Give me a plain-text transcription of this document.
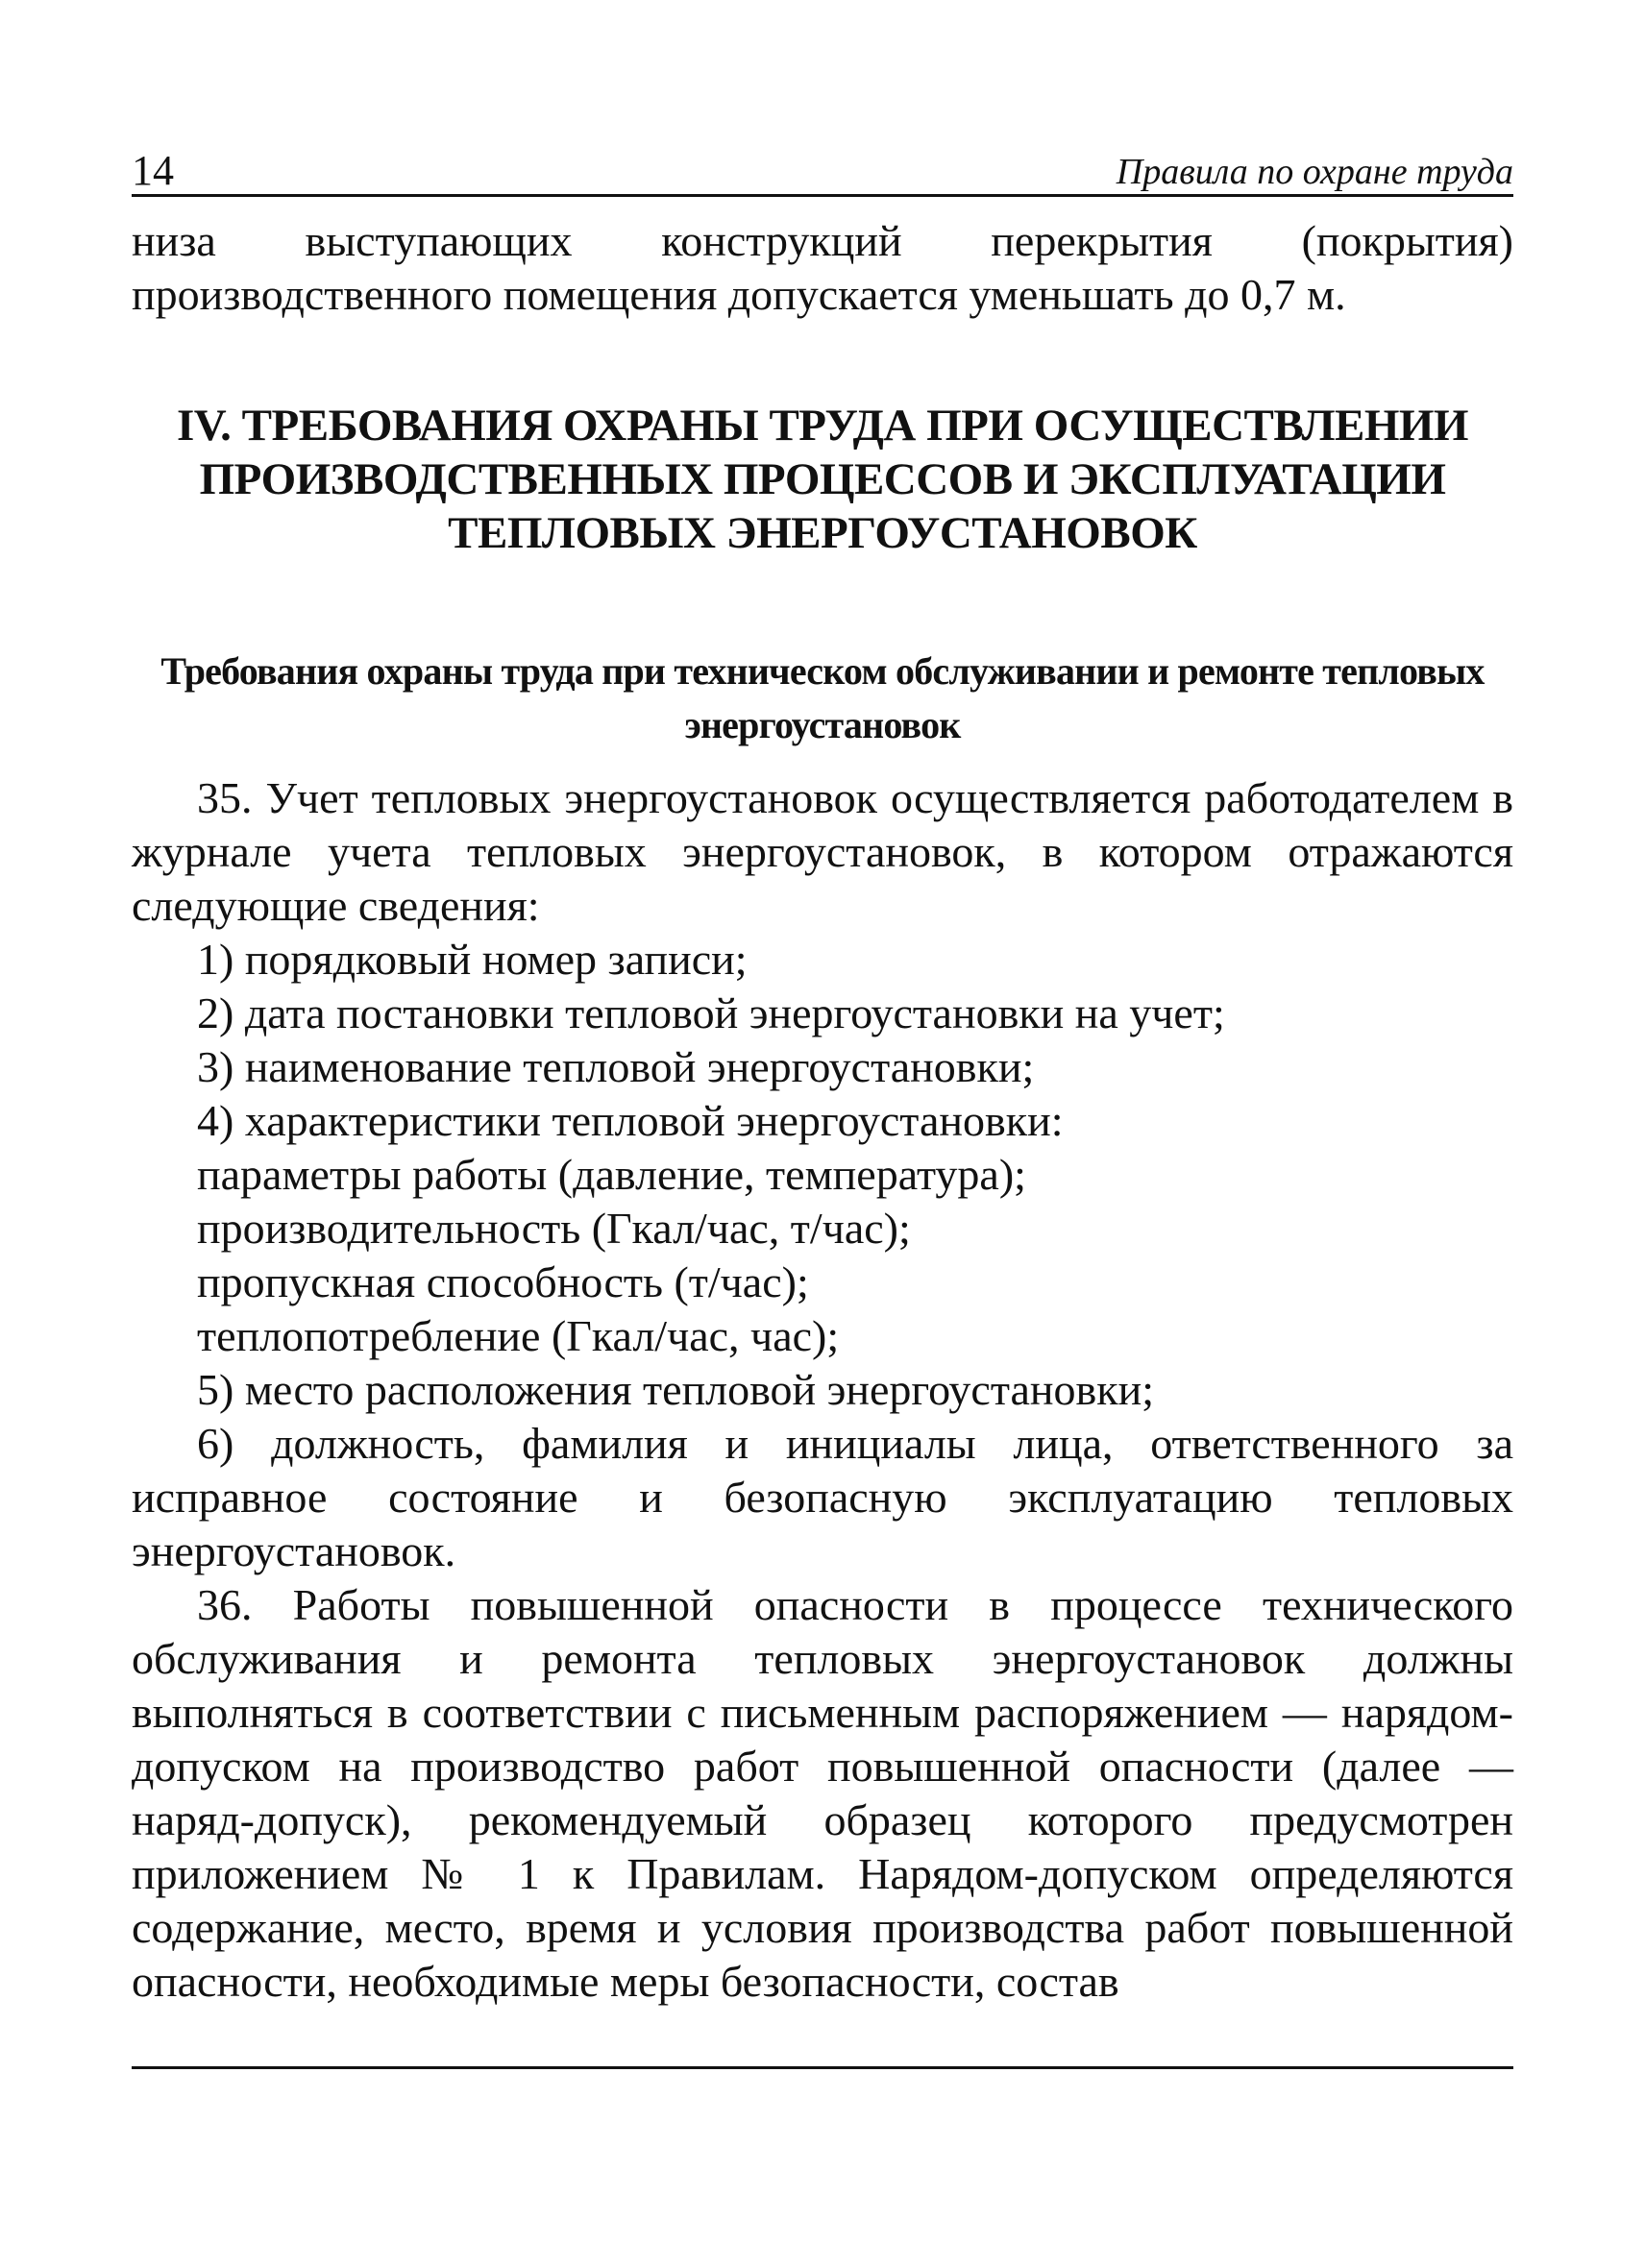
14	Правила по охране труда

низа выступающих конструкций перекрытия (покрытия) производственного помещения допускается уменьшать до 0,7 м.

IV. ТРЕБОВАНИЯ ОХРАНЫ ТРУДА ПРИ ОСУЩЕСТВЛЕНИИ ПРОИЗВОДСТВЕННЫХ ПРОЦЕССОВ И ЭКСПЛУАТАЦИИ ТЕПЛОВЫХ ЭНЕРГОУСТАНОВОК
Требования охраны труда при техническом обслуживании и ремонте тепловых энергоустановок

35. Учет тепловых энергоустановок осуществляется работодателем в журнале учета тепловых энергоустановок, в котором отражаются следующие сведения:

1) порядковый номер записи;

2) дата постановки тепловой энергоустановки на учет;

3) наименование тепловой энергоустановки;

4) характеристики тепловой энергоустановки:

параметры работы (давление, температура);

производительность (Гкал/час, т/час);

пропускная способность (т/час);

теплопотребление (Гкал/час, час);

5) место расположения тепловой энергоустановки;

6) должность, фамилия и инициалы лица, ответственного за исправное состояние и безопасную эксплуатацию тепловых энергоустановок.

36. Работы повышенной опасности в процессе технического обслуживания и ремонта тепловых энергоустановок должны выполняться в соответствии с письменным распоряжением — нарядом-допуском на производство работ повышенной опасности (далее — наряд-допуск), рекомендуемый образец которого предусмотрен приложением № 1 к Правилам. Нарядом-допуском определяются содержание, место, время и условия производства работ повышенной опасности, необходимые меры безопасности, состав
